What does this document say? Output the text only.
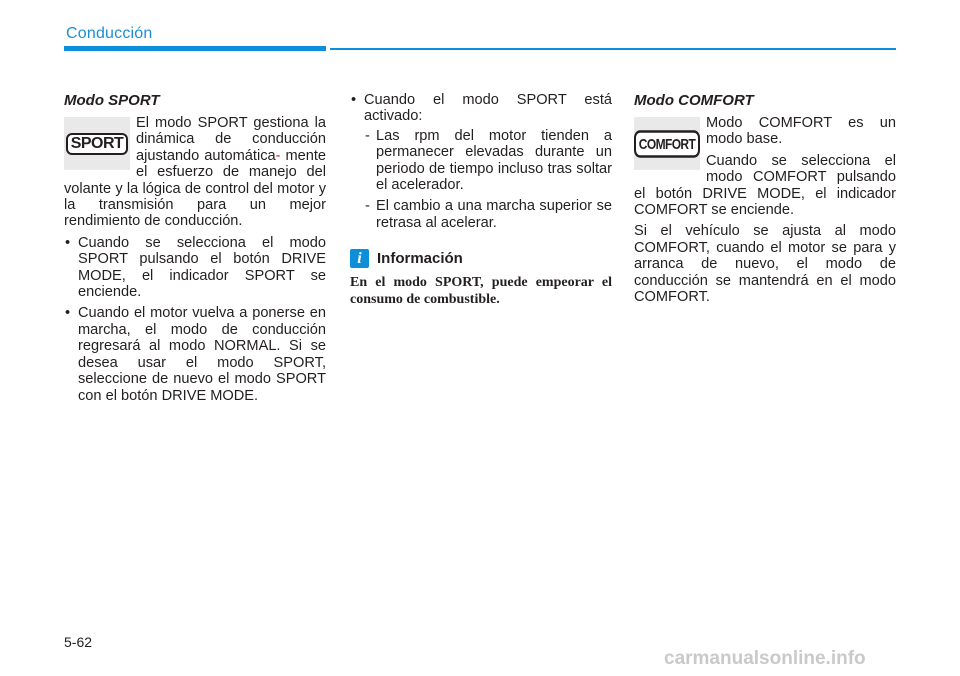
Conducción
Modo SPORT
SPORT

El modo SPORT gestiona la dinámica de conducción ajustando automática- mente el esfuerzo de manejo del volante y la lógica de control del motor y la transmisión para un mejor rendimiento de conducción.

• Cuando se selecciona el modo SPORT pulsando el botón DRIVE MODE, el indicador SPORT se enciende.
• Cuando el motor vuelva a ponerse en marcha, el modo de conducción regresará al modo NORMAL. Si se desea usar el modo SPORT, seleccione de nuevo el modo SPORT con el botón DRIVE MODE.
• Cuando el modo SPORT está activado:
- Las rpm del motor tienden a permanecer elevadas durante un periodo de tiempo incluso tras soltar el acelerador.
- El cambio a una marcha superior se retrasa al acelerar.
i	Información

En el modo SPORT, puede empeorar el consumo de combustible.

Modo COMFORT
COMFORT

Modo COMFORT es un modo base.

Cuando se selecciona el modo COMFORT pulsando el botón DRIVE MODE, el indicador COMFORT se enciende.

Si el vehículo se ajusta al modo COMFORT, cuando el motor se para y arranca de nuevo, el modo de conducción se mantendrá en el modo COMFORT.

5-62
carmanualsonline.info
